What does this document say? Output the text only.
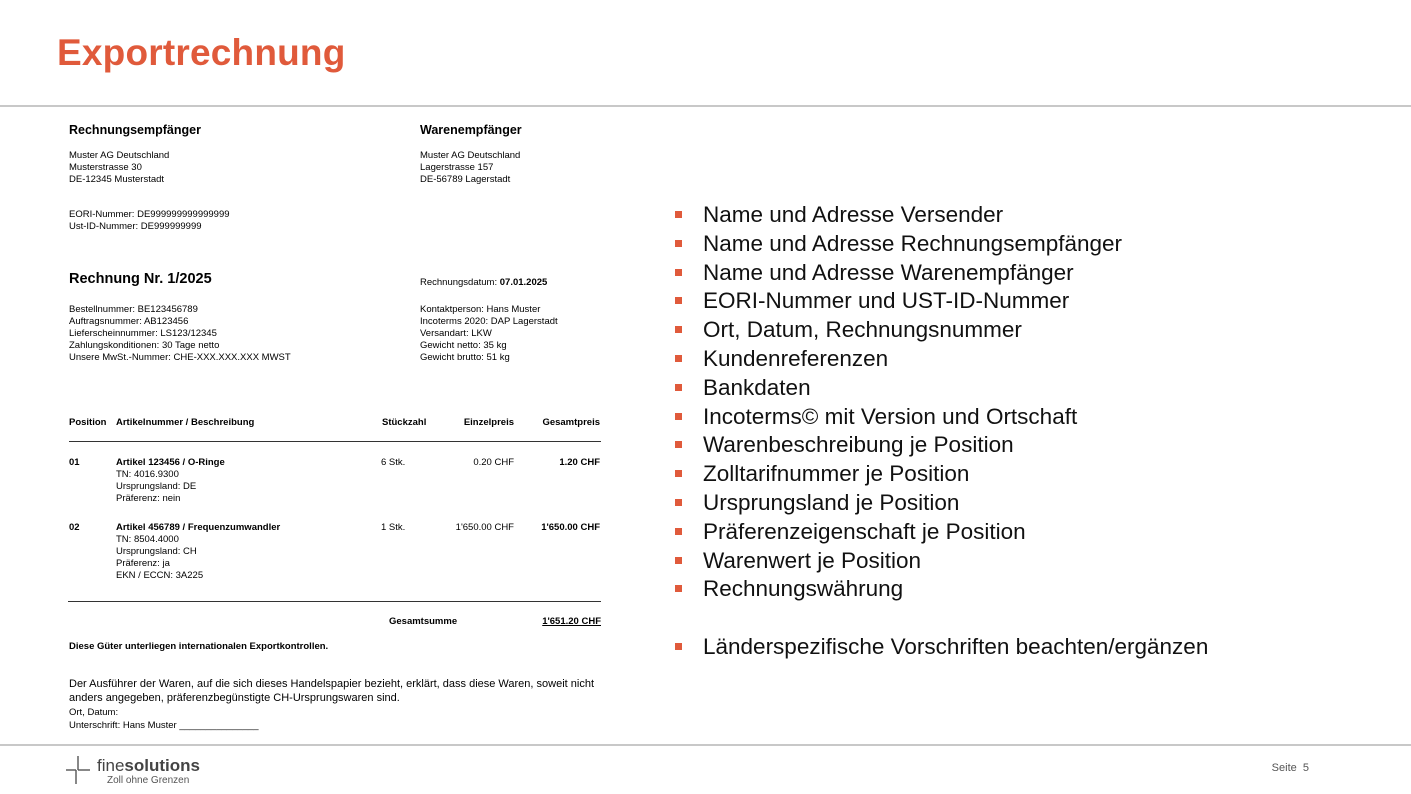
Exportrechnung
Rechnungsempfänger
Muster AG Deutschland
Musterstrasse 30
DE-12345 Musterstadt
EORI-Nummer: DE999999999999999
Ust-ID-Nummer: DE999999999
Warenempfänger
Muster AG Deutschland
Lagerstrasse 157
DE-56789 Lagerstadt
Rechnung Nr. 1/2025	Rechnungsdatum: 07.01.2025
Bestellnummer: BE123456789
Auftragsnummer: AB123456
Lieferscheinnummer: LS123/12345
Zahlungskonditionen: 30 Tage netto
Unsere MwSt.-Nummer: CHE-XXX.XXX.XXX MWST
Kontaktperson: Hans Muster
Incoterms 2020: DAP Lagerstadt
Versandart: LKW
Gewicht netto: 35 kg
Gewicht brutto: 51 kg
Position Artikelnummer / Beschreibung	Stückzahl	Einzelpreis	Gesamtpreis
01	Artikel 123456 / O-Ringe
TN: 4016.9300
Ursprungsland: DE
Präferenz: nein
6 Stk.	0.20 CHF	1.20 CHF
02	Artikel 456789 / Frequenzumwandler
TN: 8504.4000
Ursprungsland: CH
Präferenz: ja
EKN / ECCN: 3A225
1 Stk.	1'650.00 CHF	1'650.00 CHF
Gesamtsumme	1'651.20 CHF
Diese Güter unterliegen internationalen Exportkontrollen.
Der Ausführer der Waren, auf die sich dieses Handelspapier bezieht, erklärt, dass diese Waren, soweit nicht
anders angegeben, präferenzbegünstigte CH-Ursprungswaren sind.
Ort, Datum:
Unterschrift: Hans Muster _______________
Name und Adresse Versender
Name und Adresse Rechnungsempfänger
Name und Adresse Warenempfänger
EORI-Nummer und UST-ID-Nummer
Ort, Datum, Rechnungsnummer
Kundenreferenzen
Bankdaten
Incoterms© mit Version und Ortschaft
Warenbeschreibung je Position
Zolltarifnummer je Position
Ursprungsland je Position
Präferenzeigenschaft je Position
Warenwert je Position
Rechnungswährung
Länderspezifische Vorschriften beachten/ergänzen
finesolutions
Zoll ohne Grenzen
Seite 5
